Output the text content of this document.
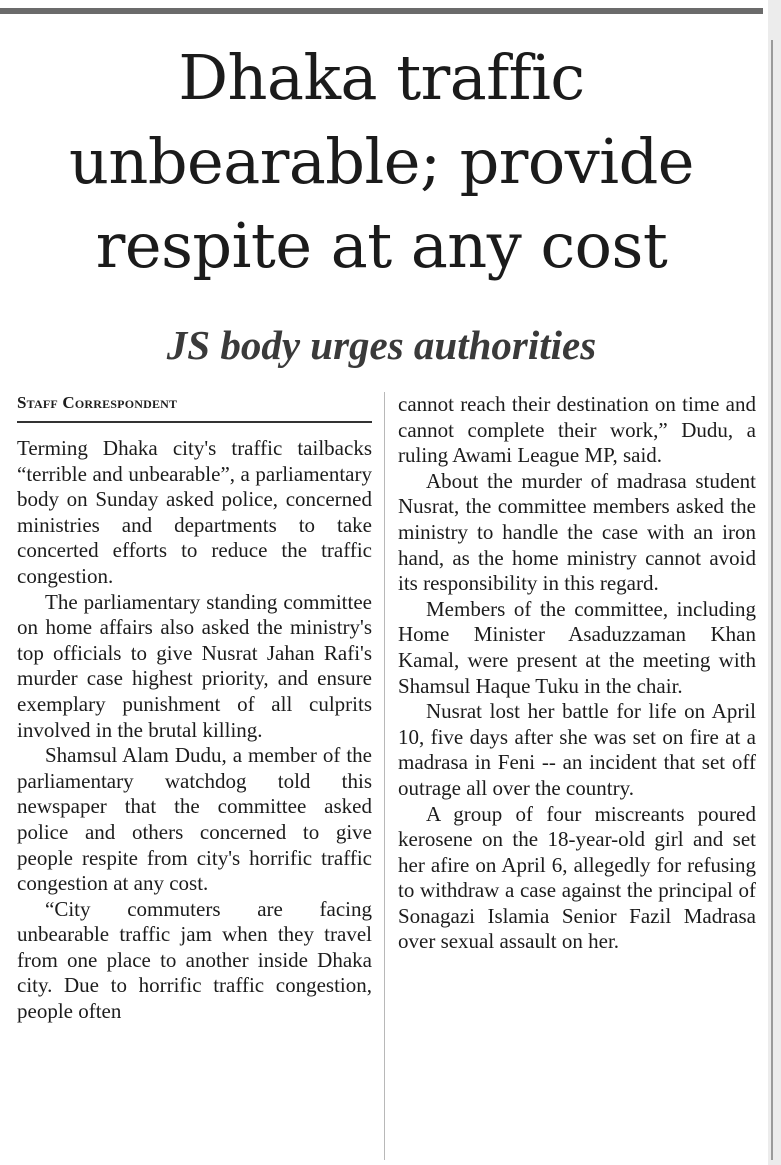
Dhaka traffic
unbearable; provide
respite at any cost
JS body urges authorities
Staff Correspondent

Terming Dhaka city's traffic tailbacks “terrible and unbearable”, a parliamentary body on Sunday asked police, concerned ministries and departments to take concerted efforts to reduce the traffic congestion.

The parliamentary standing committee on home affairs also asked the ministry's top officials to give Nusrat Jahan Rafi's murder case highest priority, and ensure exemplary punishment of all culprits involved in the brutal killing.

Shamsul Alam Dudu, a member of the parliamentary watchdog told this newspaper that the committee asked police and others concerned to give people respite from city's horrific traffic congestion at any cost.

“City commuters are facing unbearable traffic jam when they travel from one place to another inside Dhaka city. Due to horrific traffic congestion, people often

cannot reach their destination on time and cannot complete their work,” Dudu, a ruling Awami League MP, said.

About the murder of madrasa student Nusrat, the committee members asked the ministry to handle the case with an iron hand, as the home ministry cannot avoid its responsibility in this regard.

Members of the committee, including Home Minister Asaduzzaman Khan Kamal, were present at the meeting with Shamsul Haque Tuku in the chair.

Nusrat lost her battle for life on April 10, five days after she was set on fire at a madrasa in Feni -- an incident that set off outrage all over the country.

A group of four miscreants poured kerosene on the 18-year-old girl and set her afire on April 6, allegedly for refusing to withdraw a case against the principal of Sonagazi Islamia Senior Fazil Madrasa over sexual assault on her.
